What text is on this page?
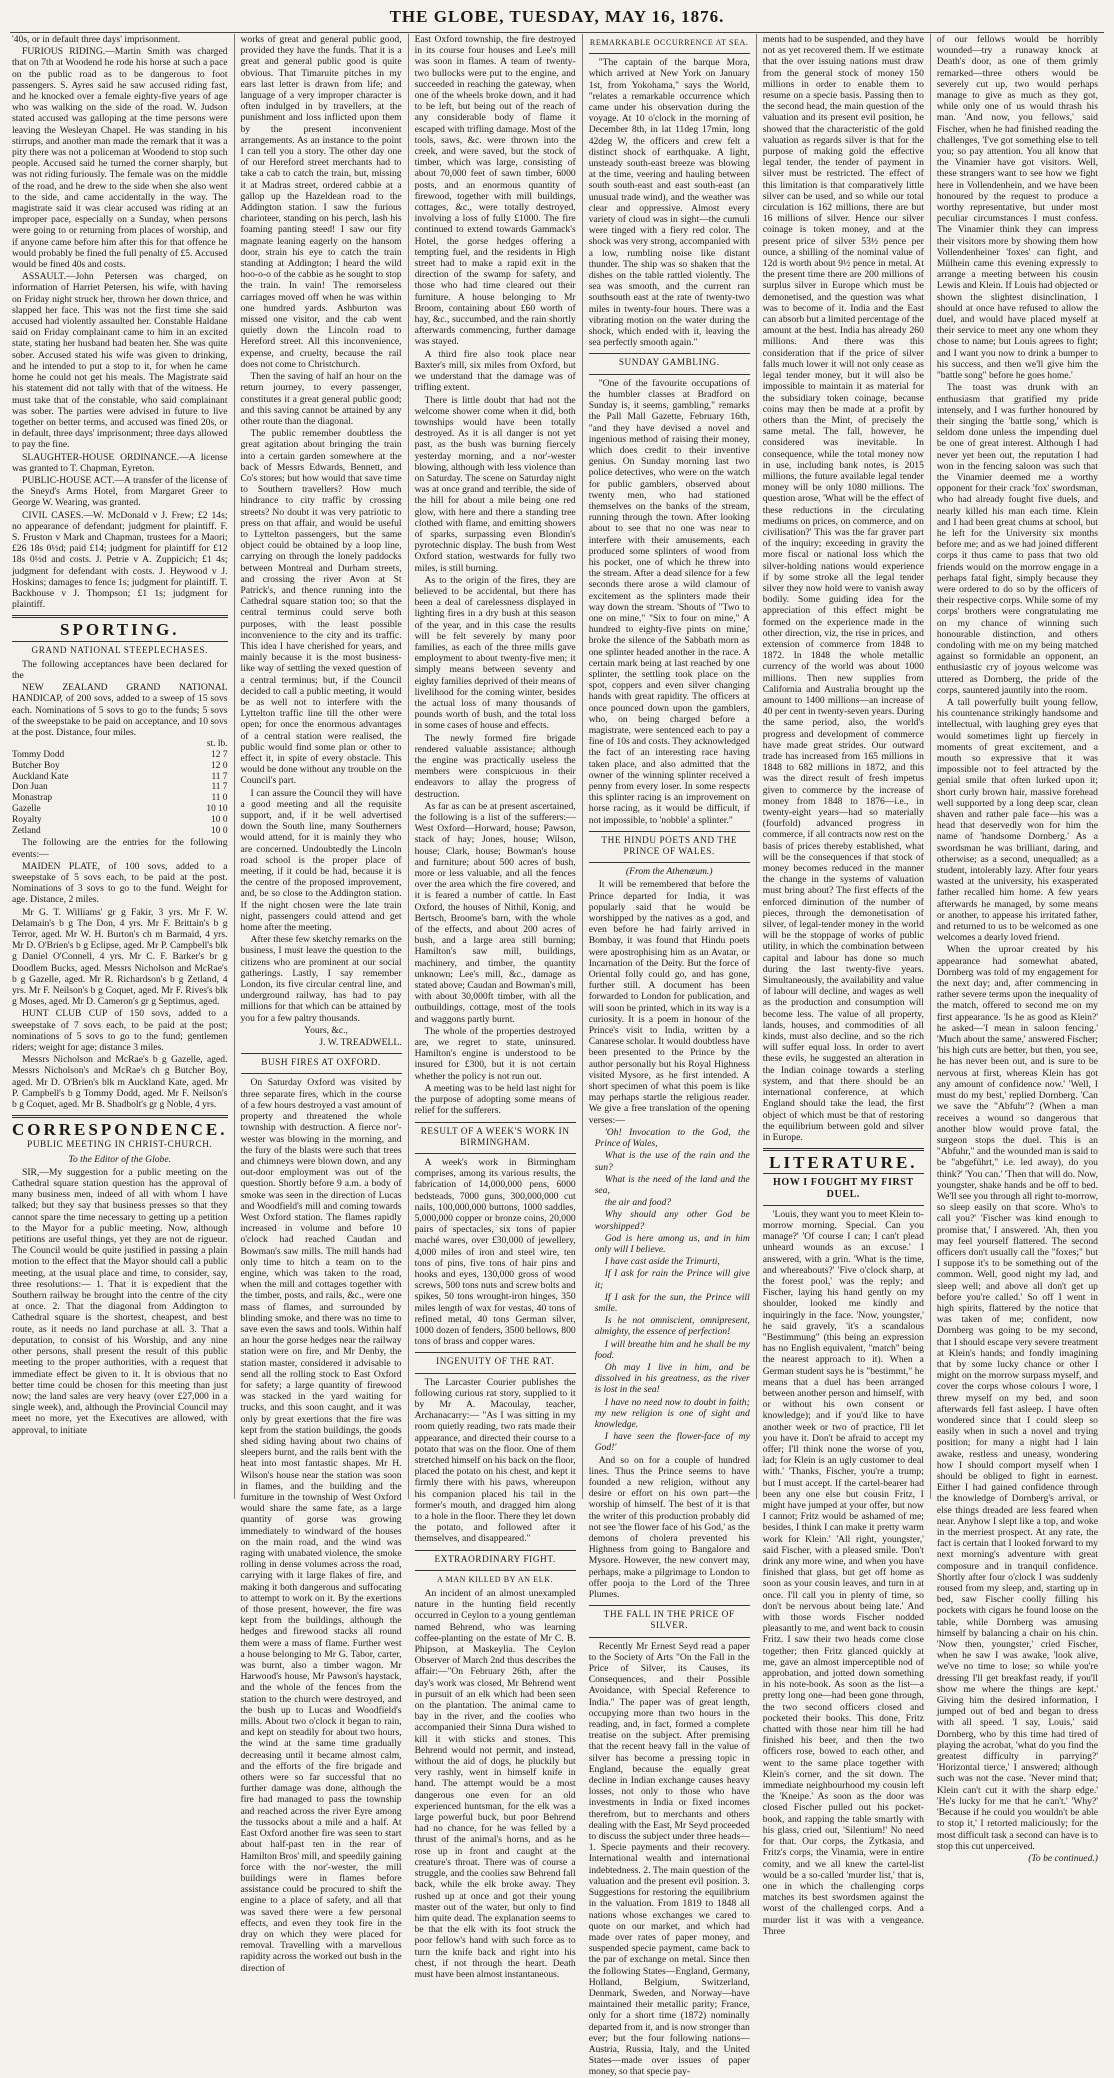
THE GLOBE, TUESDAY, MAY 16, 1876.

'40s, or in default three days' imprisonment.

FURIOUS RIDING.—Martin Smith was charged that on 7th at Woodend he rode his horse at such a pace on the public road as to be dangerous to foot passengers. S. Ayres said he saw accused riding fast, and he knocked over a female eighty-five years of age who was walking on the side of the road. W. Judson stated accused was galloping at the time persons were leaving the Wesleyan Chapel. He was standing in his stirrups, and another man made the remark that it was a pity there was not a policeman at Woodend to stop such people. Accused said he turned the corner sharply, but was not riding furiously. The female was on the middle of the road, and he drew to the side when she also went to the side, and came accidentally in the way. The magistrate said it was clear accused was riding at an improper pace, especially on a Sunday, when persons were going to or returning from places of worship, and if anyone came before him after this for that offence he would probably be fined the full penalty of £5. Accused would be fined 40s and costs.

ASSAULT.—John Petersen was charged, on information of Harriet Petersen, his wife, with having on Friday night struck her, thrown her down thrice, and slapped her face. This was not the first time she said accused had violently assaulted her. Constable Haldane said on Friday complainant came to him in an excited state, stating her husband had beaten her. She was quite sober. Accused stated his wife was given to drinking, and he intended to put a stop to it, for when he came home he could not get his meals. The Magistrate said his statement did not tally with that of the witness. He must take that of the constable, who said complainant was sober. The parties were advised in future to live together on better terms, and accused was fined 20s, or in default, three days' imprisonment; three days allowed to pay the fine.

SLAUGHTER-HOUSE ORDINANCE.—A license was granted to T. Chapman, Eyreton.

PUBLIC-HOUSE ACT.—A transfer of the license of the Sneyd's Arms Hotel, from Margaret Greer to George W. Wearing, was granted.

CIVIL CASES.—W. McDonald v J. Frew; £2 14s; no appearance of defendant; judgment for plaintiff. F. S. Fruston v Mark and Chapman, trustees for a Maori; £26 18s 0½d; paid £14; judgment for plaintiff for £12 18s 0½d and costs. J. Petrie v A. Zuppicich; £1 4s; judgment for defendant with costs. J. Heywood v J. Hoskins; damages to fence 1s; judgment for plaintiff. T. Backhouse v J. Thompson; £1 1s; judgment for plaintiff.

SPORTING.
GRAND NATIONAL STEEPLECHASES.

The following acceptances have been declared for the

NEW ZEALAND GRAND NATIONAL HANDICAP, of 200 sovs, added to a sweep of 15 sovs each. Nominations of 5 sovs to go to the funds; 5 sovs of the sweepstake to be paid on acceptance, and 10 sovs at the post. Distance, four miles.

	st. lb.
Tommy Dodd	12 7
Butcher Boy	12 0
Auckland Kate	11 7
Don Juan	11 7
Monastrap	11 0
Gazelle	10 10
Royalty	10 0
Zetland	10 0

The following are the entries for the following events:—

MAIDEN PLATE, of 100 sovs, added to a sweepstake of 5 sovs each, to be paid at the post. Nominations of 3 sovs to go to the fund. Weight for age. Distance, 2 miles.

Mr G. T. Williams' gr g Fakir, 3 yrs. Mr F. W. Delamain's b g The Don, 4 yrs. Mr F. Brittain's b g Terror, aged. Mr W. H. Burton's ch m Barmaid, 4 yrs. Mr D. O'Brien's b g Eclipse, aged. Mr P. Campbell's blk g Daniel O'Connell, 4 yrs. Mr C. F. Barker's br g Doodlem Bucks, aged. Messrs Nicholson and McRae's b g Gazelle, aged. Mr R. Richardson's b g Zetland, 4 yrs. Mr F. Neilson's b g Coquet, aged. Mr F. Rives's blk g Moses, aged. Mr D. Cameron's gr g Septimus, aged.

HUNT CLUB CUP of 150 sovs, added to a sweepstake of 7 sovs each, to be paid at the post; nominations of 5 sovs to go to the fund; gentlemen riders; weight for age; distance 3 miles.

Messrs Nicholson and McRae's b g Gazelle, aged. Messrs Nicholson's and McRae's ch g Butcher Boy, aged. Mr D. O'Brien's blk m Auckland Kate, aged. Mr P. Campbell's b g Tommy Dodd, aged. Mr F. Neilson's b g Coquet, aged. Mr B. Shadbolt's gr g Noble, 4 yrs.

CORRESPONDENCE.
PUBLIC MEETING IN CHRIST-CHURCH.
To the Editor of the Globe.

SIR,—My suggestion for a public meeting on the Cathedral square station question has the approval of many business men, indeed of all with whom I have talked; but they say that business presses so that they cannot spare the time necessary to getting up a petition to the Mayor for a public meeting. Now, although petitions are useful things, yet they are not de rigueur. The Council would be quite justified in passing a plain motion to the effect that the Mayor should call a public meeting, at the usual place and time, to consider, say, three resolutions:— 1. That it is expedient that the Southern railway be brought into the centre of the city at once. 2. That the diagonal from Addington to Cathedral square is the shortest, cheapest, and best route, as it needs no land purchase at all. 3. That a deputation, to consist of his Worship, and any nine other persons, shall present the result of this public meeting to the proper authorities, with a request that immediate effect be given to it. It is obvious that no better time could be chosen for this meeting than just now; the land sales are very heavy (over £27,000 in a single week), and, although the Provincial Council may meet no more, yet the Executives are allowed, with approval, to initiate

works of great and general public good, provided they have the funds. That it is a great and general public good is quite obvious. That Timaruite pitches in my ears last letter is drawn from life; and language of a very improper character is often indulged in by travellers, at the punishment and loss inflicted upon them by the present inconvenient arrangements. As an instance to the point I can tell you a story. The other day one of our Hereford street merchants had to take a cab to catch the train, but, missing it at Madras street, ordered cabbie at a gallop up the Hazeldean road to the Addington station. I saw the furious charioteer, standing on his perch, lash his foaming panting steed! I saw our fity magnate leaning eagerly on the hansom door, strain his eye to catch the train standing at Addington; I heard the wild hoo-o-o of the cabbie as he sought to stop the train. In vain! The remorseless carriages moved off when he was within one hundred yards. Ashburton was missed one visitor, and the cab went quietly down the Lincoln road to Hereford street. All this inconvenience, expense, and cruelty, because the rail does not come to Christchurch.

Then the saving of half an hour on the return journey, to every passenger, constitutes it a great general public good; and this saving cannot be attained by any other route than the diagonal.

The public remember doubtless the great agitation about bringing the train into a certain garden somewhere at the back of Messrs Edwards, Bennett, and Co's stores; but how would that save time to Southern travellers? How much hindrance to city traffic by crossing streets? No doubt it was very patriotic to press on that affair, and would be useful to Lyttelton passengers, but the same object could be obtained by a loop line, carrying on through the lonely paddocks between Montreal and Durham streets, and crossing the river Avon at St Patrick's, and thence running into the Cathedral square station too; so that the central terminus could serve both purposes, with the least possible inconvenience to the city and its traffic. This idea I have cherished for years, and mainly because it is the most business-like way of settling the vexed question of a central terminus; but, if the Council decided to call a public meeting, it would be as well not to interfere with the Lyttelton traffic line till the other were open; for once the enormous advantages of a central station were realised, the public would find some plan or other to effect it, in spite of every obstacle. This would be done without any trouble on the Council's part.

I can assure the Council they will have a good meeting and all the requisite support, and, if it be well advertised down the South line, many Southerners would attend, for it is mainly they who are concerned. Undoubtedly the Lincoln road school is the proper place of meeting, if it could be had, because it is the centre of the proposed improvement, and, be so close to the Addington station. If the night chosen were the late train night, passengers could attend and get home after the meeting.

After these few sketchy remarks on the business, I must leave the question to the citizens who are prominent at our social gatherings. Lastly, I say remember London, its five circular central line, and underground railway, has had to pay millions for that which can be attained by you for a few paltry thousands.

Yours, &c.,

J. W. TREADWELL.

BUSH FIRES AT OXFORD.

On Saturday Oxford was visited by three separate fires, which in the course of a few hours destroyed a vast amount of property and threatened the whole township with destruction. A fierce nor'-wester was blowing in the morning, and the fury of the blasts were such that trees and chimneys were blown down, and any out-door employment was out of the question. Shortly before 9 a.m. a body of smoke was seen in the direction of Lucas and Woodfield's mill and coming towards West Oxford station. The flames rapidly increased in volume and before 10 o'clock had reached Caudan and Bowman's saw mills. The mill hands had only time to hitch a team on to the engine, which was taken to the road, when the mill and cottages together with the timber, posts, and rails, &c., were one mass of flames, and surrounded by blinding smoke, and there was no time to save even the saws and tools. Within half an hour the gorse hedges near the railway station were on fire, and Mr Denby, the station master, considered it advisable to send all the rolling stock to East Oxford for safety; a large quantity of firewood was stacked in the yard waiting for trucks, and this soon caught, and it was only by great exertions that the fire was kept from the station buildings, the goods shed siding having about two chains of sleepers burnt, and the rails bent with the heat into most fantastic shapes. Mr H. Wilson's house near the station was soon in flames, and the building and the furniture in the township of West Oxford would share the same fate, as a large quantity of gorse was growing immediately to windward of the houses on the main road, and the wind was raging with unabated violence, the smoke rolling in dense volumes across the road, carrying with it large flakes of fire, and making it both dangerous and suffocating to attempt to work on it. By the exertions of those present, however, the fire was kept from the buildings, although the hedges and firewood stacks all round them were a mass of flame. Further west a house belonging to Mr G. Tabor, carter, was burnt, also a timber wagon. Mr Harwood's house, Mr Pawson's haystack, and the whole of the fences from the station to the church were destroyed, and the bush up to Lucas and Woodfield's mills. About two o'clock it began to rain, and kept on steadily for about two hours, the wind at the same time gradually decreasing until it became almost calm, and the efforts of the fire brigade and others were so far successful that no further damage was done, although the fire had managed to pass the township and reached across the river Eyre among the tussocks about a mile and a half. At East Oxford another fire was seen to start about half-past ten in the rear of Hamilton Bros' mill, and speedily gaining force with the nor'-wester, the mill buildings were in flames before assistance could be procured to shift the engine to a place of safety, and all that was saved there were a few personal effects, and even they took fire in the dray on which they were placed for removal. Travelling with a marvellous rapidity across the worked out bush in the direction of

East Oxford township, the fire destroyed in its course four houses and Lee's mill was soon in flames. A team of twenty-two bullocks were put to the engine, and succeeded in reaching the gateway, when one of the wheels broke down, and it had to be left, but being out of the reach of any considerable body of flame it escaped with trifling damage. Most of the tools, saws, &c. were thrown into the creek, and were saved, but the stock of timber, which was large, consisting of about 70,000 feet of sawn timber, 6000 posts, and an enormous quantity of firewood, together with mill buildings, cottages, &c., were totally destroyed, involving a loss of fully £1000. The fire continued to extend towards Gammack's Hotel, the gorse hedges offering a tempting fuel, and the residents in High street had to make a rapid exit in the direction of the swamp for safety, and those who had time cleared out their furniture. A house belonging to Mr Broom, containing about £60 worth of hay, &c., succumbed, and the rain shortly afterwards commencing, further damage was stayed.

A third fire also took place near Baxter's mill, six miles from Oxford, but we understand that the damage was of trifling extent.

There is little doubt that had not the welcome shower come when it did, both townships would have been totally destroyed. As it is all danger is not yet past, as the bush was burning fiercely yesterday morning, and a nor'-wester blowing, although with less violence than on Saturday. The scene on Saturday night was at once grand and terrible, the side of the hill for about a mile being one red glow, with here and there a standing tree clothed with flame, and emitting showers of sparks, surpassing even Blondin's pyrotechnic display. The bush from West Oxford station, westwards for fully two miles, is still burning.

As to the origin of the fires, they are believed to be accidental, but there has been a deal of carelessness displayed in lighting fires in a dry bush at this season of the year, and in this case the results will be felt severely by many poor families, as each of the three mills gave employment to about twenty-five men; it simply means between seventy and eighty families deprived of their means of livelihood for the coming winter, besides the actual loss of many thousands of pounds worth of bush, and the total loss in some cases of house and effects.

The newly formed fire brigade rendered valuable assistance; although the engine was practically useless the members were conspicuous in their endeavors to allay the progress of destruction.

As far as can be at present ascertained, the following is a list of the sufferers:—West Oxford—Horward, house; Pawson, stack of hay; Jones, house; Wilson, house; Clark, house; Bowman's house and furniture; about 500 acres of bush, more or less valuable, and all the fences over the area which the fire covered, and it is feared a number of cattle. In East Oxford, the houses of Nithil, Konig, and Bertsch, Broome's barn, with the whole of the effects, and about 200 acres of bush, and a large area still burning; Hamilton's saw mill, buildings, machinery, and timber, the quantity unknown; Lee's mill, &c., damage as stated above; Caudan and Bowman's mill, with about 30,000ft timber, with all the outbuildings, cottage, most of the tools and waggons partly burnt.

The whole of the properties destroyed are, we regret to state, uninsured. Hamilton's engine is understood to be insured for £300, but it is not certain whether the policy is not run out.

A meeting was to be held last night for the purpose of adopting some means of relief for the sufferers.

RESULT OF A WEEK'S WORK IN BIRMINGHAM.

A week's work in Birmingham comprises, among its various results, the fabrication of 14,000,000 pens, 6000 bedsteads, 7000 guns, 300,000,000 cut nails, 100,000,000 buttons, 1000 saddles, 5,000,000 copper or bronze coins, 20,000 pairs of spectacles, six tons of papier maché wares, over £30,000 of jewellery, 4,000 miles of iron and steel wire, ten tons of pins, five tons of hair pins and hooks and eyes, 130,000 gross of wood screws, 500 tons nuts and screw bolts and spikes, 50 tons wrought-iron hinges, 350 miles length of wax for vestas, 40 tons of refined metal, 40 tons German silver, 1000 dozen of fenders, 3500 bellows, 800 tons of brass and copper wares.

INGENUITY OF THE RAT.

The Larcaster Courier publishes the following curious rat story, supplied to it by Mr A. Macoulay, teacher, Archanacarry:— "As I was sitting in my room quietly reading, two rats made their appearance, and directed their course to a potato that was on the floor. One of them stretched himself on his back on the floor, placed the potato on his chest, and kept it firmly there with his paws, whereupon his companion placed his tail in the former's mouth, and dragged him along to a hole in the floor. There they let down the potato, and followed after it themselves, and disappeared."

EXTRAORDINARY FIGHT.
A MAN KILLED BY AN ELK.

An incident of an almost unexampled nature in the hunting field recently occurred in Ceylon to a young gentleman named Behrend, who was learning coffee-planting on the estate of Mr C. B. Phipson, at Maskeylia. The Ceylon Observer of March 2nd thus describes the affair:—"On February 26th, after the day's work was closed, Mr Behrend went in pursuit of an elk which had been seen on the plantation. The animal came to bay in the river, and the coolies who accompanied their Sinna Dura wished to kill it with sticks and stones. This Behrend would not permit, and instead, without the aid of dogs, he pluckily but very rashly, went in himself knife in hand. The attempt would be a most dangerous one even for an old experienced huntsman, for the elk was a large powerful buck, but poor Behrend had no chance, for he was felled by a thrust of the animal's horns, and as he rose up in front and caught at the creature's throat. There was of course a struggle, and the coolies saw Behrend fall back, while the elk broke away. They rushed up at once and got their young master out of the water, but only to find him quite dead. The explanation seems to be that the elk with its foot struck the poor fellow's hand with such force as to turn the knife back and right into his chest, if not through the heart. Death must have been almost instantaneous.

REMARKABLE OCCURRENCE AT SEA.

"The captain of the barque Mora, which arrived at New York on January 1st, from Yokohama," says the World, "relates a remarkable occurrence which came under his observation during the voyage. At 10 o'clock in the morning of December 8th, in lat 11deg 17min, long 42deg W, the officers and crew felt a distinct shock of earthquake. A light, unsteady south-east breeze was blowing at the time, veering and hauling between south south-east and east south-east (an unusual trade wind), and the weather was clear and oppressive. Almost every variety of cloud was in sight—the cumuli were tinged with a fiery red color. The shock was very strong, accompanied with a low, rumbling noise like distant thunder. The ship was so shaken that the dishes on the table rattled violently. The sea was smooth, and the current ran southsouth east at the rate of twenty-two miles in twenty-four hours. There was a vibrating motion on the water during the shock, which ended with it, leaving the sea perfectly smooth again."

SUNDAY GAMBLING.

"One of the favourite occupations of the humbler classes at Bradford on Sunday is, it seems, gambling," remarks the Pall Mall Gazette, February 16th, "and they have devised a novel and ingenious method of raising their money, which does credit to their inventive genius. On Sunday morning last two police detectives, who were on the watch for public gamblers, observed about twenty men, who had stationed themselves on the banks of the stream, running through the town. After looking about to see that no one was near to interfere with their amusements, each produced some splinters of wood from his pocket, one of which he threw into the stream. After a dead silence for a few seconds there arose a wild clamour of excitement as the splinters made their way down the stream. 'Shouts of "Two to one on mine," "Six to four on mine," A hundred to eighty-five pints on mine,' broke the silence of the Sabbath morn as one splinter headed another in the race. A certain mark being at last reached by one splinter, the settling took place on the spot, coppers and even silver changing hands with great rapidity. The officers at once pounced down upon the gamblers, who, on being charged before a magistrate, were sentenced each to pay a fine of 10s and costs. They acknowledged the fact of an interesting race having taken place, and also admitted that the owner of the winning splinter received a penny from every loser. In some respects this splinter racing is an improvement on horse racing, as it would be difficult, if not impossible, to 'nobble' a splinter."

THE HINDU POETS AND THE PRINCE OF WALES.
(From the Athenæum.)

It will be remembered that before the Prince departed for India, it was popularly said that he would be worshipped by the natives as a god, and even before he had fairly arrived in Bombay, it was found that Hindu poets were apostrophising him as an Avatar, or Incarnation of the Deity. But the force of Oriental folly could go, and has gone, further still. A document has been forwarded to London for publication, and will soon be printed, which in its way is a curiosity. It is a poem in honour of the Prince's visit to India, written by a Canarese scholar. It would doubtless have been presented to the Prince by the author personally but his Royal Highness visited Mysore, as he first intended. A short specimen of what this poem is like may perhaps startle the religious reader. We give a free translation of the opening verses:—

'Oh! Invocation to the God, the Prince of Wales,

What is the use of the rain and the sun?

What is the need of the land and the sea,

the air and food?

Why should any other God be worshipped?

God is here among us, and in him only will I believe.

I have cast aside the Trimurti,

If I ask for rain the Prince will give it;

If I ask for the sun, the Prince will smile.

Is he not omniscient, omnipresent, almighty, the essence of perfection!

I will breathe him and he shall be my food.

Oh may I live in him, and be dissolved in his greatness, as the river is lost in the sea!

I have no need now to doubt in faith; my new religion is one of sight and knowledge.

I have seen the flower-face of my God!'

And so on for a couple of hundred lines. Thus the Prince seems to have founded a new religion, without any desire or effort on his own part—the worship of himself. The best of it is that the writer of this production probably did not see 'the flower face of his God,' as the demons of cholera prevented his Highness from going to Bangalore and Mysore. However, the new convert may, perhaps, make a pilgrimage to London to offer pooja to the Lord of the Three Plumes.

THE FALL IN THE PRICE OF SILVER.

Recently Mr Ernest Seyd read a paper to the Society of Arts "On the Fall in the Price of Silver, its Causes, its Consequences, and their Possible Avoidance, with Special Reference to India." The paper was of great length, occupying more than two hours in the reading, and, in fact, formed a complete treatise on the subject. After premising that the recent heavy fall in the value of silver has become a pressing topic in England, because the equally great decline in Indian exchange causes heavy losses, not only to those who have investments in India or fixed incomes therefrom, but to merchants and others dealing with the East, Mr Seyd proceeded to discuss the subject under three heads—1. Specie payments and their recovery. International wealth and international indebtedness. 2. The main question of the valuation and the present evil position. 3. Suggestions for restoring the equilibrium in the valuation. From 1819 to 1848 all nations whose exchanges we cared to quote on our market, and which had made over rates of paper money, and suspended specie payment, came back to the par of exchange on metal. Since then the following States—England, Germany, Holland, Belgium, Switzerland, Denmark, Sweden, and Norway—have maintained their metallic parity; France, only for a short time (1872) nominally departed from it, and is now stronger than ever; but the four following nations—Austria, Russia, Italy, and the United States—made over issues of paper money, so that specie pay-

ments had to be suspended, and they have not as yet recovered them. If we estimate that the over issuing nations must draw from the general stock of money 150 millions in order to enable them to resume on a specie basis. Passing then to the second head, the main question of the valuation and its present evil position, he showed that the characteristic of the gold valuation as regards silver is that for the purpose of making gold the effective legal tender, the tender of payment in silver must be restricted. The effect of this limitation is that comparatively little silver can be used, and so while our total circulation is 162 millions, there are but 16 millions of silver. Hence our silver coinage is token money, and at the present price of silver 53½ pence per ounce, a shilling of the nominal value of 12d is worth about 9½ pence in metal. At the present time there are 200 millions of surplus silver in Europe which must be demonetised, and the question was what was to become of it. India and the East can absorb but a limited percentage of the amount at the best. India has already 260 millions. And there was this consideration that if the price of silver falls much lower it will not only cease as legal tender money, but it will also be impossible to maintain it as material for the subsidiary token coinage, because coins may then be made at a profit by others than the Mint, of precisely the same metal. The fall, however, he considered was inevitable. In consequence, while the total money now in use, including bank notes, is 2015 millions, the future available legal tender money will be only 1080 millions. The question arose, 'What will be the effect of these reductions in the circulating mediums on prices, on commerce, and on civilisation?' This was the far graver part of the inquiry; exceeding in gravity the more fiscal or national loss which the silver-holding nations would experience if by some stroke all the legal tender silver they now hold were to vanish away bodily. Some guiding idea for the appreciation of this effect might be formed on the experience made in the other direction, viz, the rise in prices, and extension of commerce from 1848 to 1872. In 1848 the whole metallic currency of the world was about 1000 millions. Then new supplies from California and Australia brought up the amount to 1400 millions—an increase of 40 per cent in twenty-seven years. During the same period, also, the world's progress and development of commerce have made great strides. Our outward trade has increased from 165 millions in 1848 to 682 millions in 1872, and this was the direct result of fresh impetus given to commerce by the increase of money from 1848 to 1876—i.e., in twenty-eight years—had so materially (fourfold) advanced progress in commerce, if all contracts now rest on the basis of prices thereby established, what will be the consequences if that stock of money becomes reduced in the manner the change in the systems of valuation must bring about? The first effects of the enforced diminution of the number of pieces, through the demonetisation of silver, of legal-tender money in the world will be the stoppage of works of public utility, in which the combination between capital and labour has done so much during the last twenty-five years. Simultaneously, the availability and value of labour will decline, and wages as well as the production and consumption will become less. The value of all property, lands, houses, and commodities of all kinds, must also decline, and so the rich will suffer equal loss. In order to avert these evils, he suggested an alteration in the Indian coinage towards a sterling system, and that there should be an international conference, at which England should take the lead, the first object of which must be that of restoring the equilibrium between gold and silver in Europe.

LITERATURE.
HOW I FOUGHT MY FIRST DUEL.

'Louis, they want you to meet Klein to-morrow morning. Special. Can you manage?' 'Of course I can; I can't plead unheard wounds as an excuse.' I answered, with a grin. 'What is the time, and whereabouts?' 'Five o'clock sharp, at the forest pool,' was the reply; and Fischer, laying his hand gently on my shoulder, looked me kindly and inquiringly in the face. 'Now, youngster,' he said gravely, 'it's a scandalous "Bestimmung" (this being an expression has no English equivalent, "match" being the nearest approach to it). When a German student says he is "bestimmt," he means that a duel has been arranged between another person and himself, with or without his own consent or knowledge); and if you'd like to have another week or two of practice, I'll let you have it. Don't be afraid to accept my offer; I'll think none the worse of you, lad; for Klein is an ugly customer to deal with.' 'Thanks, Fischer, you're a trump; but I must accept. If the cartel-bearer had been any one else but cousin Fritz, I might have jumped at your offer, but now I cannot; Fritz would be ashamed of me; besides, I think I can make it pretty warm work for Klein.' 'All right, youngster,' said Fischer, with a pleased smile. 'Don't drink any more wine, and when you have finished that glass, but get off home as soon as your cousin leaves, and turn in at once. I'll call you in plenty of time, so don't be nervous about being late.' And with those words Fischer nodded pleasantly to me, and went back to cousin Fritz. I saw their two heads come close together; then Fritz glanced quickly at me, gave an almost imperceptible nod of approbation, and jotted down something in his note-book. As soon as the list—a pretty long one—had been gone through, the two second officers closed and pocketed their books. This done, Fritz chatted with those near him till he had finished his beer, and then the two officers rose, bowed to each other, and went to the same place together with Klein's corner, and the sit down. The immediate neighbourhood my cousin left the 'Kneipe.' As soon as the door was closed Fischer pulled out his pocket-book, and rapping the table smartly with his glass, cried out, 'Silentium!' No need for that. Our corps, the Zytkasia, and Fritz's corps, the Vinamia, were in entire comity, and we all knew the cartel-list would be a so-called 'murder list,' that is, one in which the challenging corps matches its best swordsmen against the worst of the challenged corps. And a murder list it was with a vengeance. Three

of our fellows would be horribly wounded—try a runaway knock at Death's door, as one of them grimly remarked—three others would be severely cut up, two would perhaps manage to give as much as they got, while only one of us would thrash his man. 'And now, you fellows,' said Fischer, when he had finished reading the challenges, 'I've got something else to tell you; so pay attention. You all know that the Vinamier have got visitors. Well, these strangers want to see how we fight here in Vollendenhein, and we have been honoured by the request to produce a worthy representative, but under most peculiar circumstances I must confess. The Vinamier think they can impress their visitors more by showing them how Vollendenheiner 'foxes' can fight, and Mülhein came this evening expressly to arrange a meeting between his cousin Lewis and Klein. If Louis had objected or shown the slightest disinclination, I should at once have refused to allow the duel, and would have placed myself at their service to meet any one whom they chose to name; but Louis agrees to fight; and I want you now to drink a bumper to his success, and then we'll give him the "battle song" before he goes home.'

The toast was drunk with an enthusiasm that gratified my pride intensely, and I was further honoured by their singing the 'battle song,' which is seldom done unless the impending duel be one of great interest. Although I had never yet been out, the reputation I had won in the fencing saloon was such that the Vinamier deemed me a worthy opponent for their crack 'fox' swordsman, who had already fought five duels, and nearly killed his man each time. Klein and I had been great chums at school, but he left for the University six months before me; and as we had joined different corps it thus came to pass that two old friends would on the morrow engage in a perhaps fatal fight, simply because they were ordered to do so by the officers of their respective corps. While some of my corps' brothers were congratulating me on my chance of winning such honourable distinction, and others condoling with me on my being matched against so formidable an opponent, an enthusiastic cry of joyous welcome was uttered as Dornberg, the pride of the corps, sauntered jauntily into the room.

A tall powerfully built young fellow, his countenance strikingly handsome and intellectual, with laughing grey eyes that would sometimes light up fiercely in moments of great excitement, and a mouth so expressive that it was impossible not to feel attracted by the genial smile that often lurked upon it; short curly brown hair, massive forehead well supported by a long deep scar, clean shaven and rather pale face—his was a head that deservedly won for him the name of 'handsome Dornberg.' As a swordsman he was brilliant, daring, and otherwise; as a second, unequalled; as a student, intolerably lazy. After four years wasted at the university, his exasperated father recalled him home. A few years afterwards he managed, by some means or another, to appease his irritated father, and returned to us to be welcomed as one welcomes a dearly loved friend.

When the uproar created by his appearance had somewhat abated, Dornberg was told of my engagement for the next day; and, after commencing in rather severe terms upon the inequality of the match, offered to second me on my first appearance. 'Is he as good as Klein?' he asked—'I mean in saloon fencing.' 'Much about the same,' answered Fischer; 'his high cuts are better, but then, you see, he has never been out, and is sure to be nervous at first, whereas Klein has got any amount of confidence now.' 'Well, I must do my best,' replied Dornberg. 'Can we save the "Abfuhr"? (When a man receives a wound so dangerous that another blow would prove fatal, the surgeon stops the duel. This is an "Abfuhr," and the wounded man is said to be "abgeführt," i.e. led away), do you think?' 'You can.' 'Then that will do. Now, youngster, shake hands and be off to bed. We'll see you through all right to-morrow, so sleep easily on that score. Who's to call you?' 'Fischer was kind enough to promise that,' I answered. 'Ah, then you may feel yourself flattered. The second officers don't usually call the "foxes;" but I suppose it's to be something out of the common. Well, good night my lad, and sleep well; and above all don't get up before you're called.' So off I went in high spirits, flattered by the notice that was taken of me; confident, now Dornberg was going to be my second, that I should escape very severe treatment at Klein's hands; and fondly imagining that by some lucky chance or other I might on the morrow surpass myself, and cover the corps whose colours I wore, I threw myself on my bed, and soon afterwards fell fast asleep. I have often wondered since that I could sleep so easily when in such a novel and trying position; for many a night had I lain awake, restless and uneasy, wondering how I should comport myself when I should be obliged to fight in earnest. Either I had gained confidence through the knowledge of Dornberg's arrival, or else things dreaded are less feared when near. Anyhow I slept like a top, and woke in the merriest prospect. At any rate, the fact is certain that I looked forward to my next morning's adventure with great composure and in tranquil confidence. Shortly after four o'clock I was suddenly roused from my sleep, and, starting up in bed, saw Fischer coolly filling his pockets with cigars he found loose on the table, while Dornberg was amusing himself by balancing a chair on his chin. 'Now then, youngster,' cried Fischer, when he saw I was awake, 'look alive, we've no time to lose; so while you're dressing I'll get breakfast ready, if you'll show me where the things are kept.' Giving him the desired information, I jumped out of bed and began to dress with all speed. 'I say, Louis,' said Dornberg, who by this time had tired of playing the acrobat, 'what do you find the greatest difficulty in parrying?' 'Horizontal tierce,' I answered; although such was not the case. 'Never mind that; Klein can't cut it with the sharp edge.' 'He's lucky for me that he can't.' 'Why?' 'Because if he could you wouldn't be able to stop it,' I retorted maliciously; for the most difficult task a second can have is to stop this cut unperceived.

(To be continued.)
